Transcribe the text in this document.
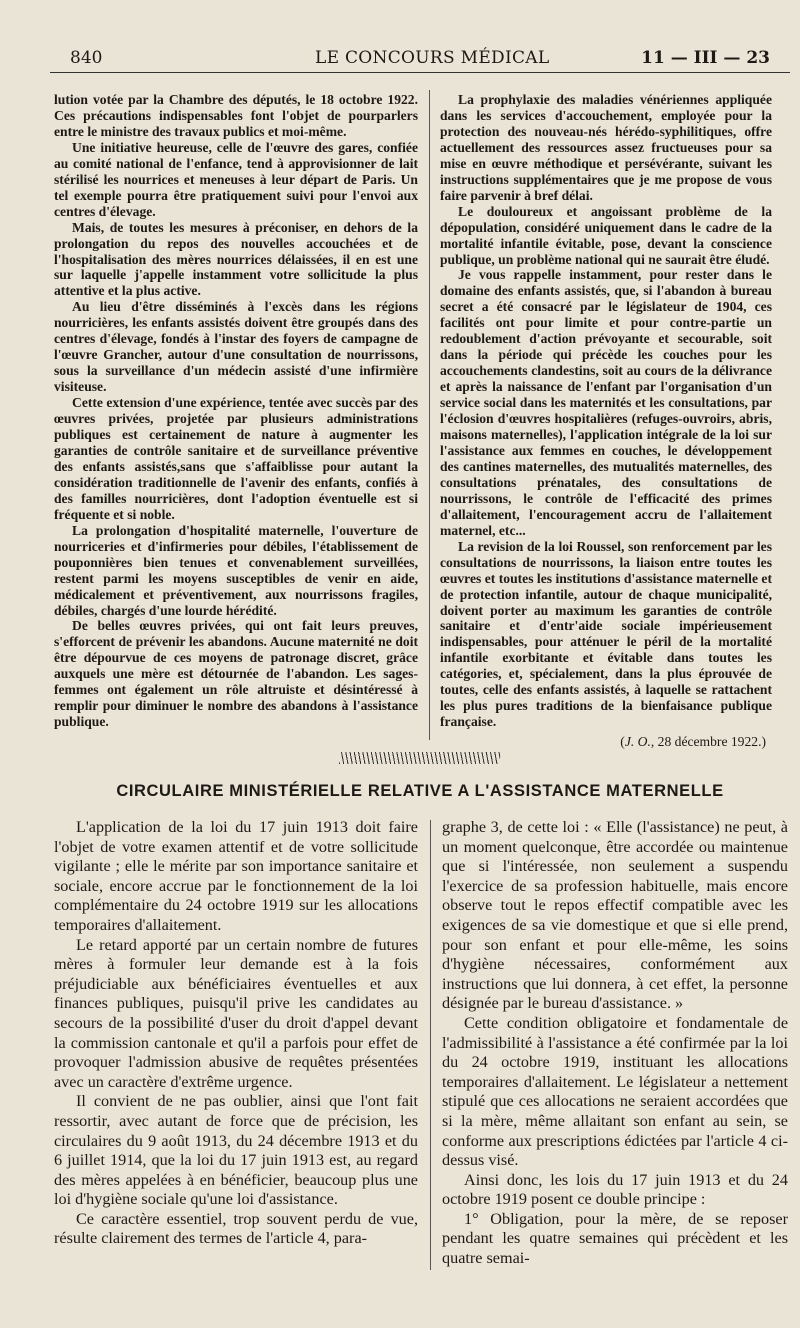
840	LE CONCOURS MÉDICAL	11 — III — 23

lution votée par la Chambre des députés, le 18 octobre 1922. Ces précautions indispensables font l'objet de pourparlers entre le ministre des travaux publics et moi-même.

Une initiative heureuse, celle de l'œuvre des gares, confiée au comité national de l'enfance, tend à approvisionner de lait stérilisé les nourrices et meneuses à leur départ de Paris. Un tel exemple pourra être pratiquement suivi pour l'envoi aux centres d'élevage.

Mais, de toutes les mesures à préconiser, en dehors de la prolongation du repos des nouvelles accouchées et de l'hospitalisation des mères nourrices délaissées, il en est une sur laquelle j'appelle instamment votre sollicitude la plus attentive et la plus active.

Au lieu d'être disséminés à l'excès dans les régions nourricières, les enfants assistés doivent être groupés dans des centres d'élevage, fondés à l'instar des foyers de campagne de l'œuvre Grancher, autour d'une consultation de nourrissons, sous la surveillance d'un médecin assisté d'une infirmière visiteuse.

Cette extension d'une expérience, tentée avec succès par des œuvres privées, projetée par plusieurs administrations publiques est certainement de nature à augmenter les garanties de contrôle sanitaire et de surveillance préventive des enfants assistés,sans que s'affaiblisse pour autant la considération traditionnelle de l'avenir des enfants, confiés à des familles nourricières, dont l'adoption éventuelle est si fréquente et si noble.

La prolongation d'hospitalité maternelle, l'ouverture de nourriceries et d'infirmeries pour débiles, l'établissement de pouponnières bien tenues et convenablement surveillées, restent parmi les moyens susceptibles de venir en aide, médicalement et préventivement, aux nourrissons fragiles, débiles, chargés d'une lourde hérédité.

De belles œuvres privées, qui ont fait leurs preuves, s'efforcent de prévenir les abandons. Aucune maternité ne doit être dépourvue de ces moyens de patronage discret, grâce auxquels une mère est détournée de l'abandon. Les sages-femmes ont également un rôle altruiste et désintéressé à remplir pour diminuer le nombre des abandons à l'assistance publique.

La prophylaxie des maladies vénériennes appliquée dans les services d'accouchement, employée pour la protection des nouveau-nés hérédo-syphilitiques, offre actuellement des ressources assez fructueuses pour sa mise en œuvre méthodique et persévérante, suivant les instructions supplémentaires que je me propose de vous faire parvenir à bref délai.

Le douloureux et angoissant problème de la dépopulation, considéré uniquement dans le cadre de la mortalité infantile évitable, pose, devant la conscience publique, un problème national qui ne saurait être éludé.

Je vous rappelle instamment, pour rester dans le domaine des enfants assistés, que, si l'abandon à bureau secret a été consacré par le législateur de 1904, ces facilités ont pour limite et pour contre-partie un redoublement d'action prévoyante et secourable, soit dans la période qui précède les couches pour les accouchements clandestins, soit au cours de la délivrance et après la naissance de l'enfant par l'organisation d'un service social dans les maternités et les consultations, par l'éclosion d'œuvres hospitalières (refuges-ouvroirs, abris, maisons maternelles), l'application intégrale de la loi sur l'assistance aux femmes en couches, le développement des cantines maternelles, des mutualités maternelles, des consultations prénatales, des consultations de nourrissons, le contrôle de l'efficacité des primes d'allaitement, l'encouragement accru de l'allaitement maternel, etc...

La revision de la loi Roussel, son renforcement par les consultations de nourrissons, la liaison entre toutes les œuvres et toutes les institutions d'assistance maternelle et de protection infantile, autour de chaque municipalité, doivent porter au maximum les garanties de contrôle sanitaire et d'entr'aide sociale impérieusement indispensables, pour atténuer le péril de la mortalité infantile exorbitante et évitable dans toutes les catégories, et, spécialement, dans la plus éprouvée de toutes, celle des enfants assistés, à laquelle se rattachent les plus pures traditions de la bienfaisance publique française.

(J. O., 28 décembre 1922.)
CIRCULAIRE MINISTÉRIELLE RELATIVE A L'ASSISTANCE MATERNELLE

L'application de la loi du 17 juin 1913 doit faire l'objet de votre examen attentif et de votre sollicitude vigilante ; elle le mérite par son importance sanitaire et sociale, encore accrue par le fonctionnement de la loi complémentaire du 24 octobre 1919 sur les allocations temporaires d'allaitement.

Le retard apporté par un certain nombre de futures mères à formuler leur demande est à la fois préjudiciable aux bénéficiaires éventuelles et aux finances publiques, puisqu'il prive les candidates au secours de la possibilité d'user du droit d'appel devant la commission cantonale et qu'il a parfois pour effet de provoquer l'admission abusive de requêtes présentées avec un caractère d'extrême urgence.

Il convient de ne pas oublier, ainsi que l'ont fait ressortir, avec autant de force que de précision, les circulaires du 9 août 1913, du 24 décembre 1913 et du 6 juillet 1914, que la loi du 17 juin 1913 est, au regard des mères appelées à en bénéficier, beaucoup plus une loi d'hygiène sociale qu'une loi d'assistance.

Ce caractère essentiel, trop souvent perdu de vue, résulte clairement des termes de l'article 4, para-

graphe 3, de cette loi : « Elle (l'assistance) ne peut, à un moment quelconque, être accordée ou maintenue que si l'intéressée, non seulement a suspendu l'exercice de sa profession habituelle, mais encore observe tout le repos effectif compatible avec les exigences de sa vie domestique et que si elle prend, pour son enfant et pour elle-même, les soins d'hygiène nécessaires, conformément aux instructions que lui donnera, à cet effet, la personne désignée par le bureau d'assistance. »

Cette condition obligatoire et fondamentale de l'admissibilité à l'assistance a été confirmée par la loi du 24 octobre 1919, instituant les allocations temporaires d'allaitement. Le législateur a nettement stipulé que ces allocations ne seraient accordées que si la mère, même allaitant son enfant au sein, se conforme aux prescriptions édictées par l'article 4 ci-dessus visé.

Ainsi donc, les lois du 17 juin 1913 et du 24 octobre 1919 posent ce double principe :

1° Obligation, pour la mère, de se reposer pendant les quatre semaines qui précèdent et les quatre semai-
